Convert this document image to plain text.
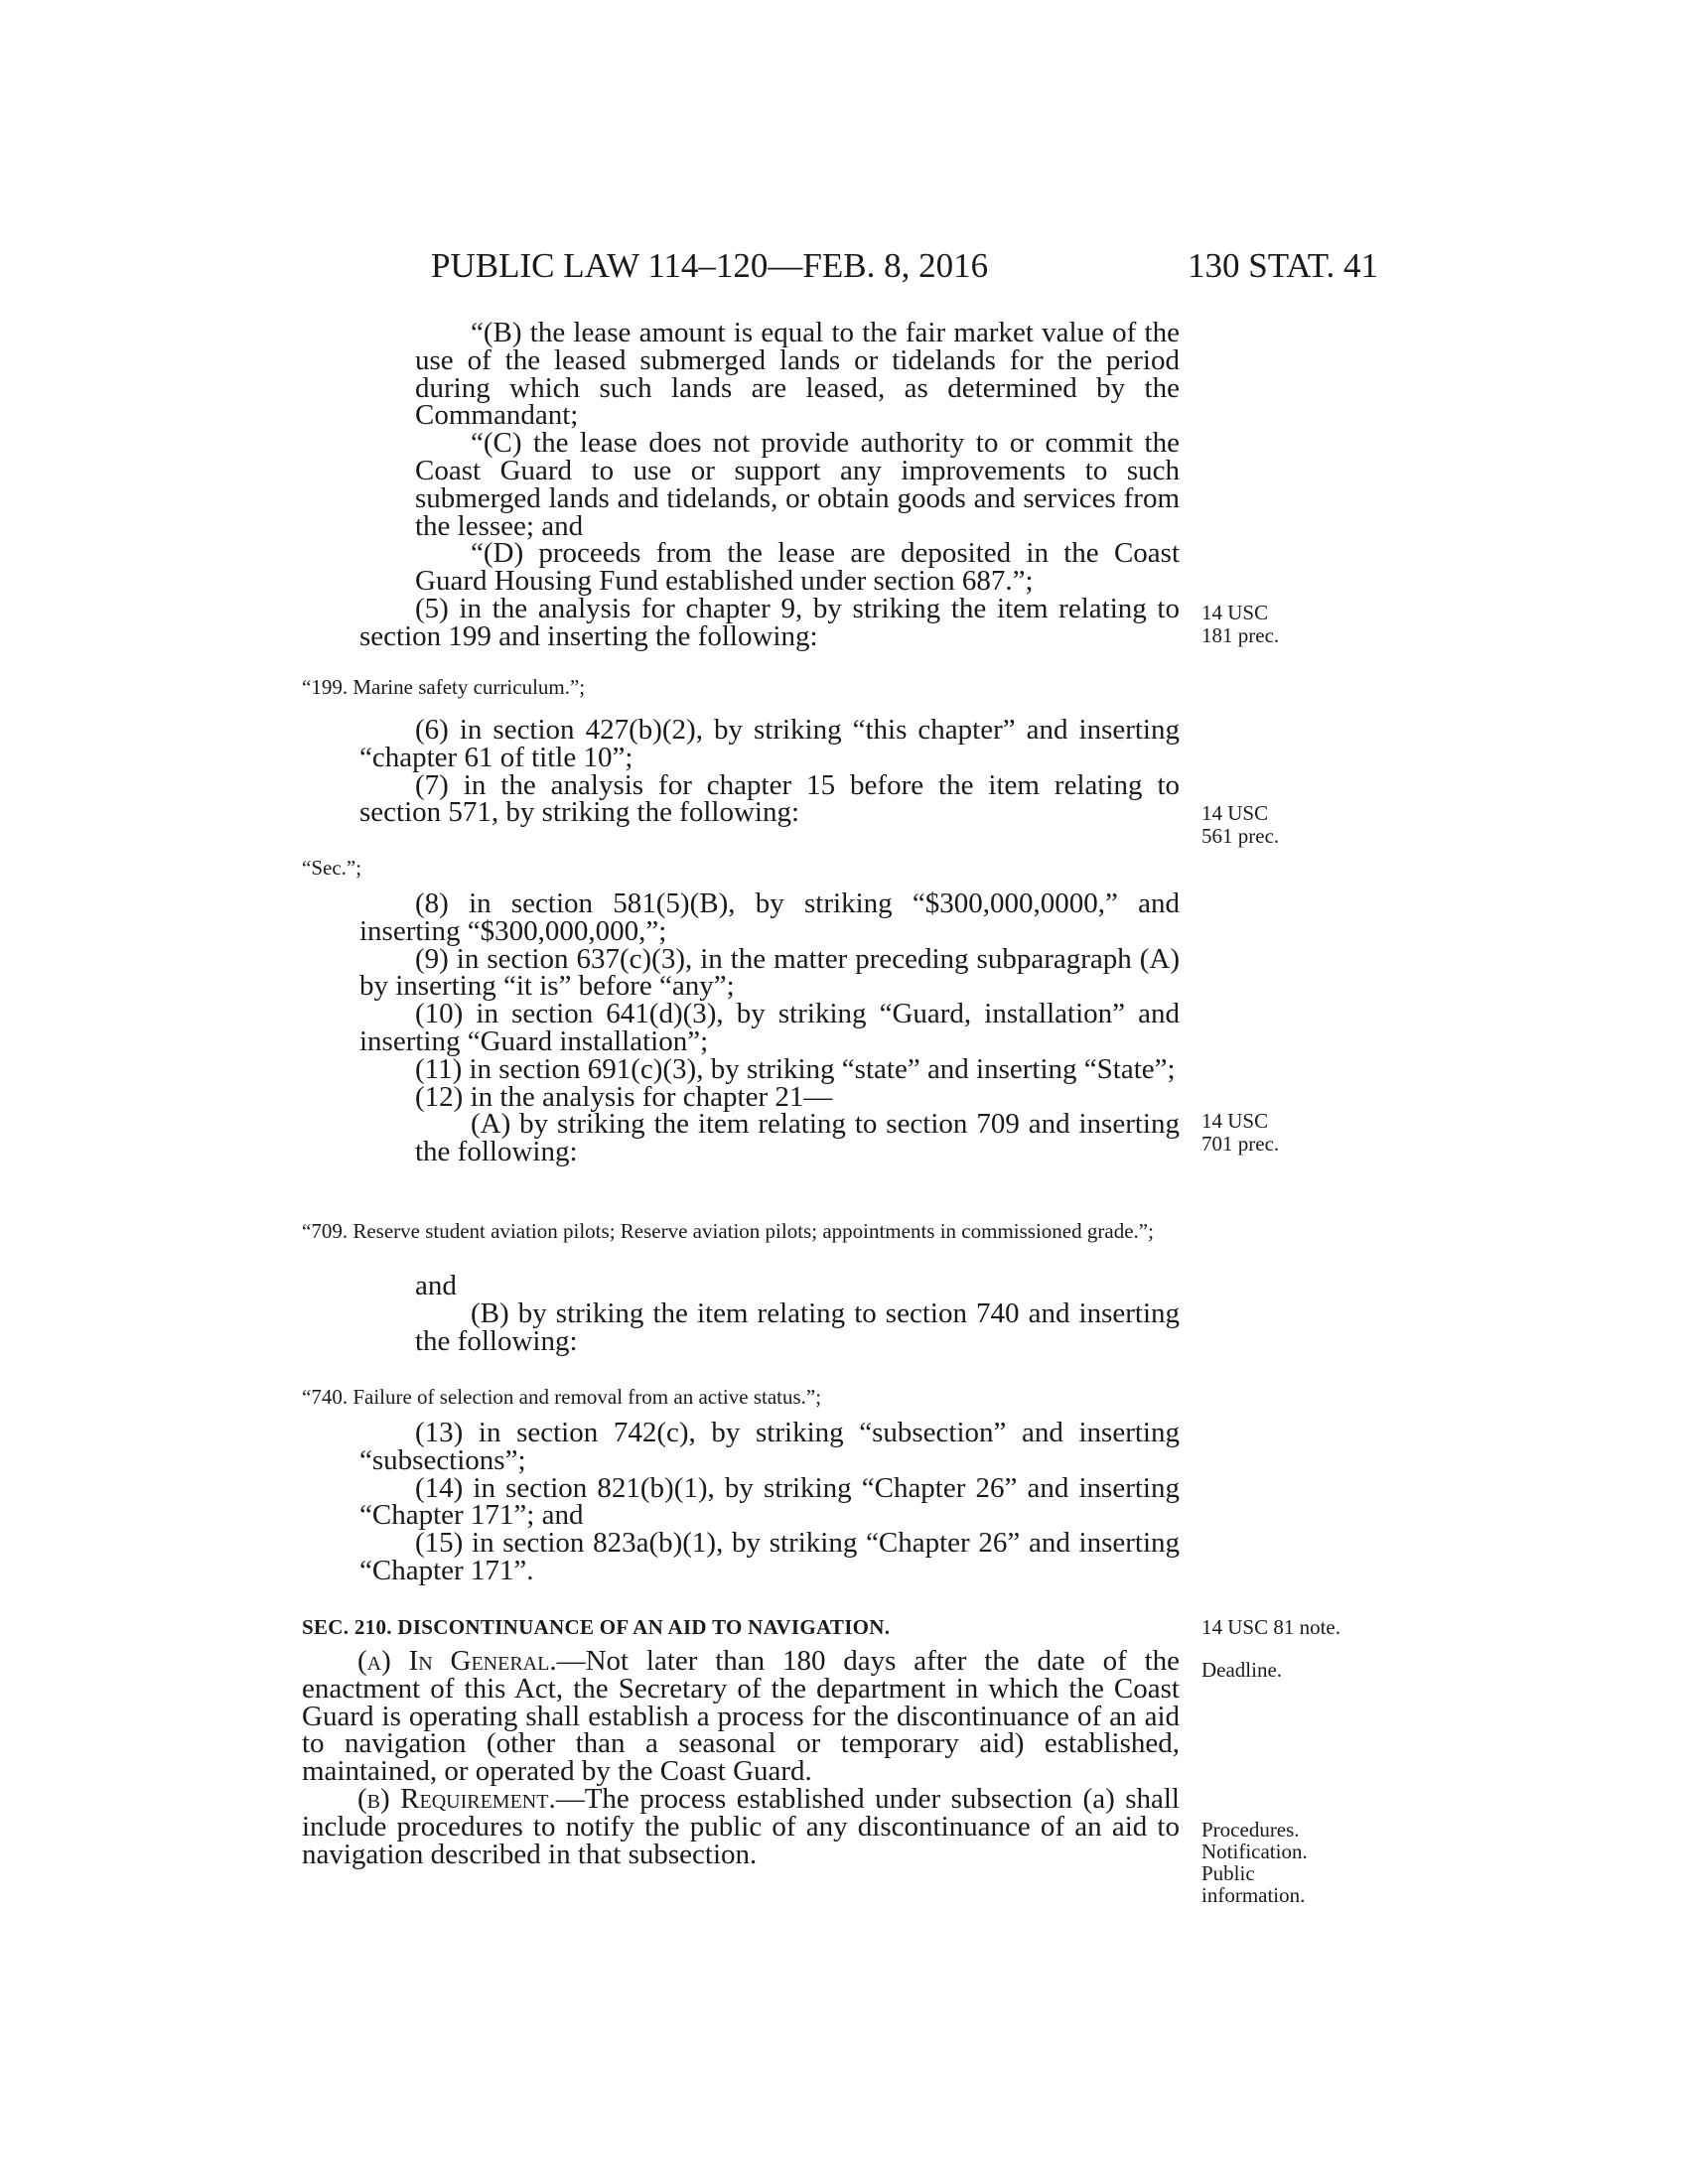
PUBLIC LAW 114–120—FEB. 8, 2016	130 STAT. 41

“(B) the lease amount is equal to the fair market value of the use of the leased submerged lands or tidelands for the period during which such lands are leased, as determined by the Commandant;

“(C) the lease does not provide authority to or commit the Coast Guard to use or support any improvements to such submerged lands and tidelands, or obtain goods and services from the lessee; and

“(D) proceeds from the lease are deposited in the Coast Guard Housing Fund established under section 687.”;

(5) in the analysis for chapter 9, by striking the item relating to section 199 and inserting the following:

“199. Marine safety curriculum.”;

(6) in section 427(b)(2), by striking “this chapter” and inserting “chapter 61 of title 10”;

(7) in the analysis for chapter 15 before the item relating to section 571, by striking the following:

“Sec.”;

(8) in section 581(5)(B), by striking “$300,000,0000,” and inserting “$300,000,000,”;

(9) in section 637(c)(3), in the matter preceding subparagraph (A) by inserting “it is” before “any”;

(10) in section 641(d)(3), by striking “Guard, installation” and inserting “Guard installation”;

(11) in section 691(c)(3), by striking “state” and inserting “State”;

(12) in the analysis for chapter 21—

(A) by striking the item relating to section 709 and inserting the following:

“709. Reserve student aviation pilots; Reserve aviation pilots; appointments in commissioned grade.”;

and

(B) by striking the item relating to section 740 and inserting the following:

“740. Failure of selection and removal from an active status.”;

(13) in section 742(c), by striking “subsection” and inserting “subsections”;

(14) in section 821(b)(1), by striking “Chapter 26” and inserting “Chapter 171”; and

(15) in section 823a(b)(1), by striking “Chapter 26” and inserting “Chapter 171”.

SEC. 210. DISCONTINUANCE OF AN AID TO NAVIGATION.

(a) In General.—Not later than 180 days after the date of the enactment of this Act, the Secretary of the department in which the Coast Guard is operating shall establish a process for the discontinuance of an aid to navigation (other than a seasonal or temporary aid) established, maintained, or operated by the Coast Guard.

(b) Requirement.—The process established under subsection (a) shall include procedures to notify the public of any discontinuance of an aid to navigation described in that subsection.

14 USC
181 prec.
14 USC
561 prec.
14 USC
701 prec.
14 USC 81 note.
Deadline.
Procedures.
Notification.
Public
information.
